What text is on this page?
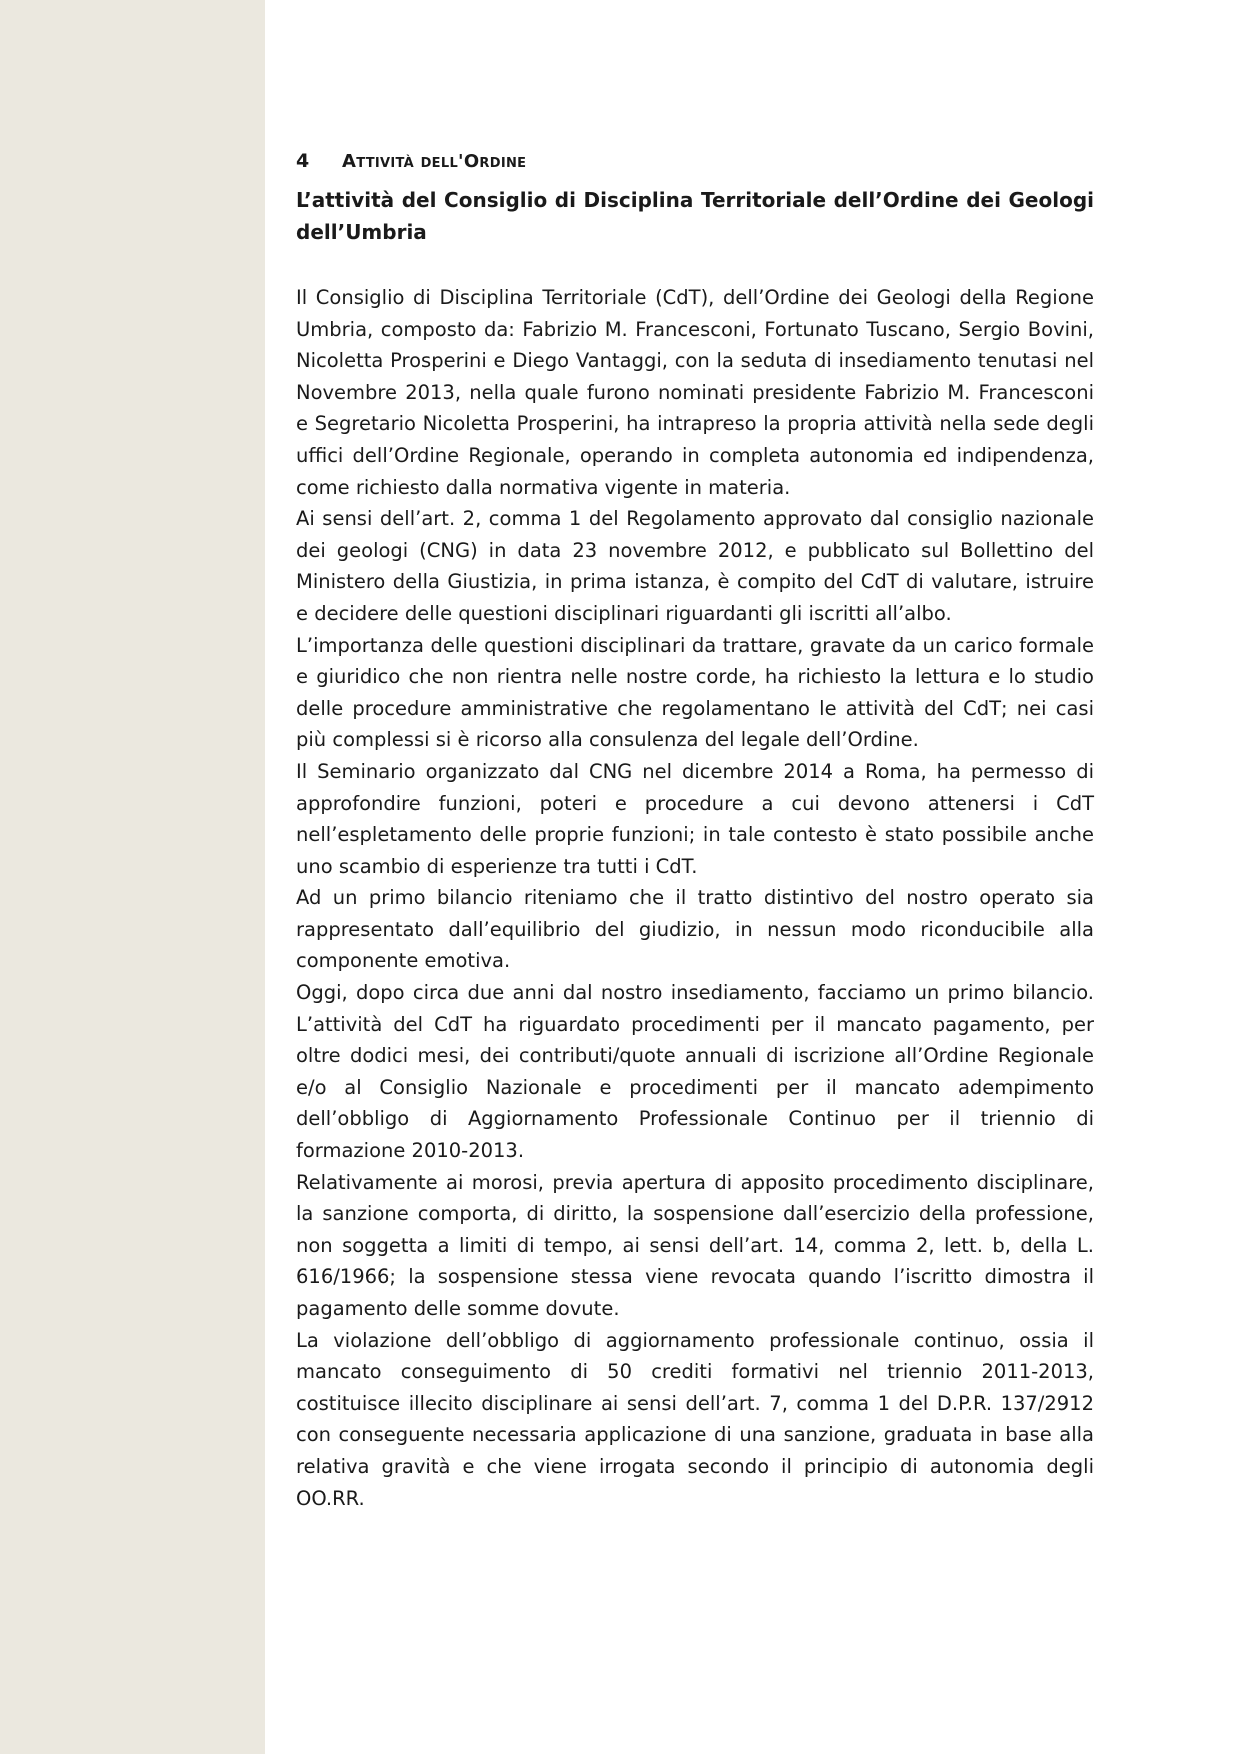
4	Attività dell'Ordine
L’attività del Consiglio di Disciplina Territoriale dell’Ordine dei Geologi dell’Umbria

Il Consiglio di Disciplina Territoriale (CdT), dell’Ordine dei Geologi della Regione Umbria, composto da: Fabrizio M. Francesconi, Fortunato Tuscano, Sergio Bovini, Nicoletta Prosperini e Diego Vantaggi, con la seduta di insediamento tenutasi nel Novembre 2013, nella quale furono nominati presidente Fabrizio M. Francesconi e Segretario Nicoletta Prosperini, ha intrapreso la propria attività nella sede degli uffici dell’Ordine Regionale, operando in completa autonomia ed indipendenza, come richiesto dalla normativa vigente in materia.

Ai sensi dell’art. 2, comma 1 del Regolamento approvato dal consiglio nazionale dei geologi (CNG) in data 23 novembre 2012, e pubblicato sul Bollettino del Ministero della Giustizia, in prima istanza, è compito del CdT di valutare, istruire e decidere delle questioni disciplinari riguardanti gli iscritti all’albo.

L’importanza delle questioni disciplinari da trattare, gravate da un carico formale e giuridico che non rientra nelle nostre corde, ha richiesto la lettura e lo studio delle procedure amministrative che regolamentano le attività del CdT; nei casi più complessi si è ricorso alla consulenza del legale dell’Ordine.

Il Seminario organizzato dal CNG nel dicembre 2014 a Roma, ha permesso di approfondire funzioni, poteri e procedure a cui devono attenersi i CdT nell’espletamento delle proprie funzioni; in tale contesto è stato possibile anche uno scambio di esperienze tra tutti i CdT.

Ad un primo bilancio riteniamo che il tratto distintivo del nostro operato sia rappresentato dall’equilibrio del giudizio, in nessun modo riconducibile alla componente emotiva.

Oggi, dopo circa due anni dal nostro insediamento, facciamo un primo bilancio. L’attività del CdT ha riguardato procedimenti per il mancato pagamento, per oltre dodici mesi, dei contributi/quote annuali di iscrizione all’Ordine Regionale e/o al Consiglio Nazionale e procedimenti per il mancato adempimento dell’obbligo di Aggiornamento Professionale Continuo per il triennio di formazione 2010-2013.

Relativamente ai morosi, previa apertura di apposito procedimento disciplinare, la sanzione comporta, di diritto, la sospensione dall’esercizio della professione, non soggetta a limiti di tempo, ai sensi dell’art. 14, comma 2, lett. b, della L. 616/1966; la sospensione stessa viene revocata quando l’iscritto dimostra il pagamento delle somme dovute.

La violazione dell’obbligo di aggiornamento professionale continuo, ossia il mancato conseguimento di 50 crediti formativi nel triennio 2011-2013, costituisce illecito disciplinare ai sensi dell’art. 7, comma 1 del D.P.R. 137/2912 con conseguente necessaria applicazione di una sanzione, graduata in base alla relativa gravità e che viene irrogata secondo il principio di autonomia degli OO.RR.
